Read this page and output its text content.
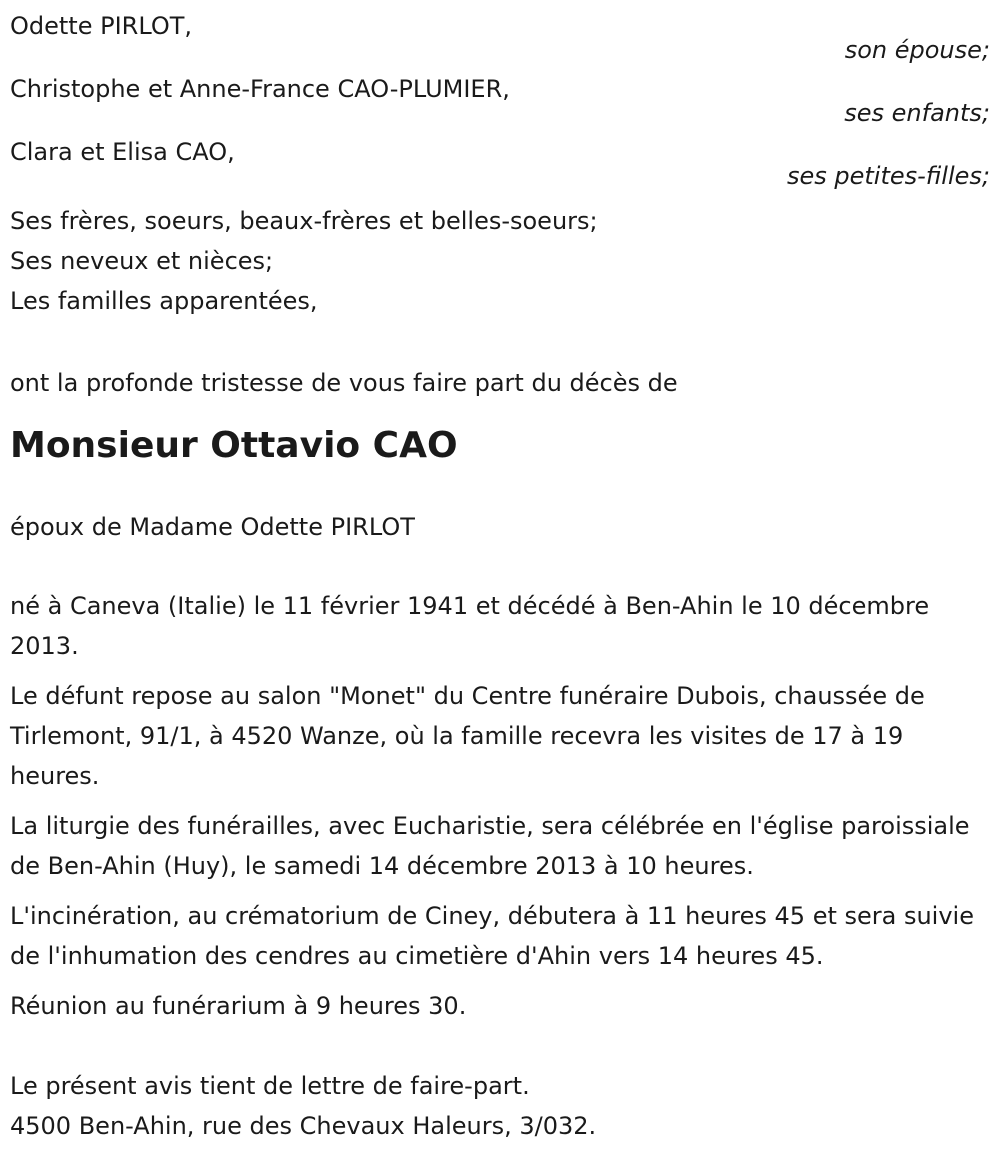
Odette PIRLOT,
son épouse;
Christophe et Anne-France CAO-PLUMIER,
ses enfants;
Clara et Elisa CAO,
ses petites-filles;
Ses frères, soeurs, beaux-frères et belles-soeurs;
Ses neveux et nièces;
Les familles apparentées,
ont la profonde tristesse de vous faire part du décès de
Monsieur Ottavio CAO
époux de Madame Odette PIRLOT

né à Caneva (Italie) le 11 février 1941 et décédé à Ben-Ahin le 10 décembre 2013.

Le défunt repose au salon "Monet" du Centre funéraire Dubois, chaussée de Tirlemont, 91/1, à 4520 Wanze, où la famille recevra les visites de 17 à 19 heures.

La liturgie des funérailles, avec Eucharistie, sera célébrée en l'église paroissiale de Ben-Ahin (Huy), le samedi 14 décembre 2013 à 10 heures.

L'incinération, au crématorium de Ciney, débutera à 11 heures 45 et sera suivie de l'inhumation des cendres au cimetière d'Ahin vers 14 heures 45.

Réunion au funérarium à 9 heures 30.

Le présent avis tient de lettre de faire-part.
4500 Ben-Ahin, rue des Chevaux Haleurs, 3/032.
